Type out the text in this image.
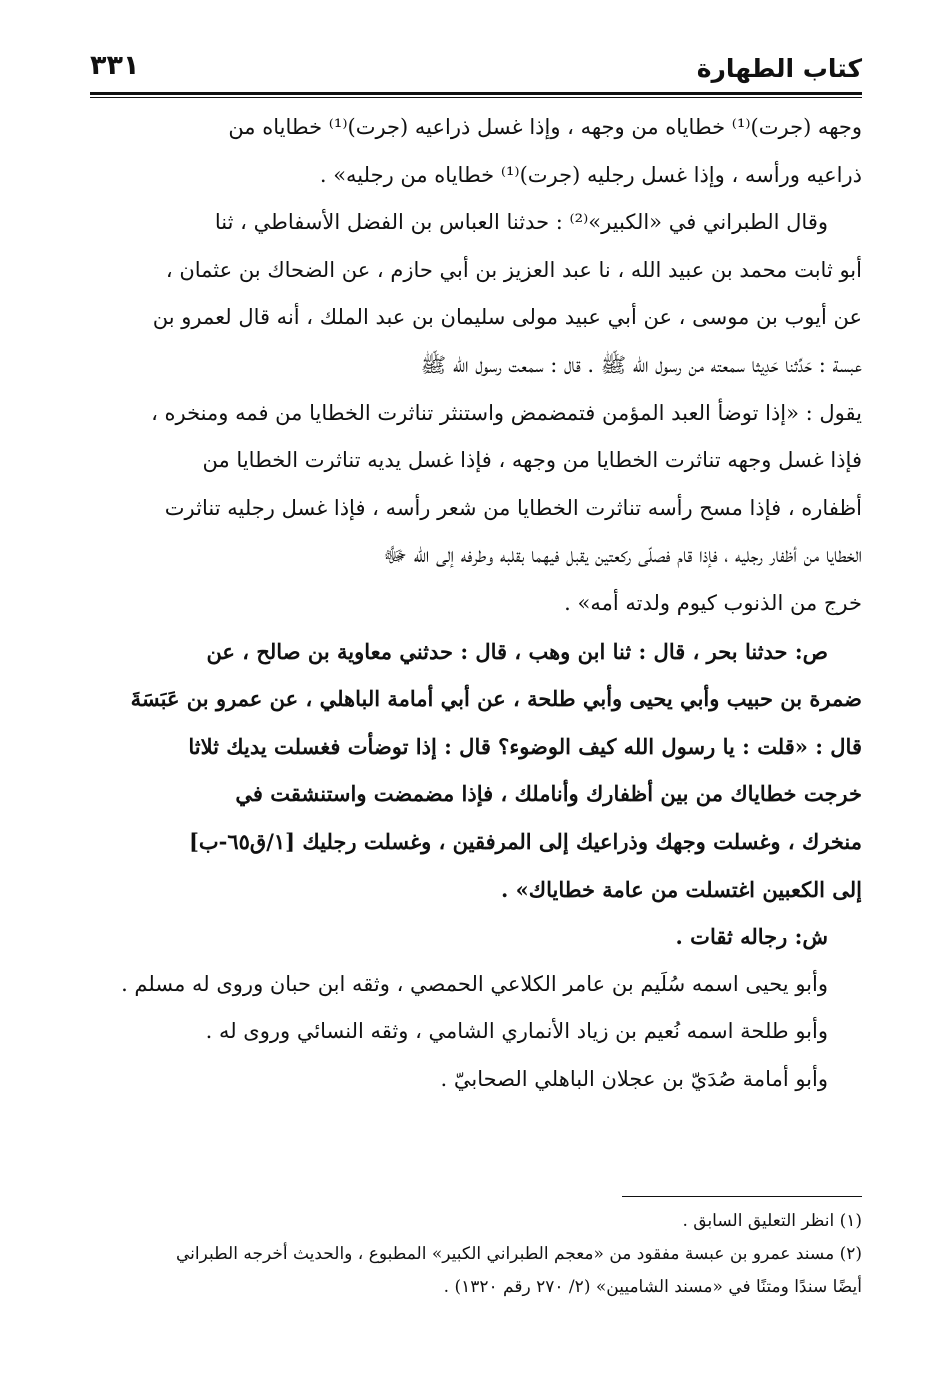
كتاب الطهارة
٣٣١

وجهه (جرت)⁽¹⁾ خطاياه من وجهه ، وإذا غسل ذراعيه (جرت)⁽¹⁾ خطاياه من
ذراعيه ورأسه ، وإذا غسل رجليه (جرت)⁽¹⁾ خطاياه من رجليه» .

وقال الطبراني في «الكبير»⁽²⁾ : حدثنا العباس بن الفضل الأسفاطي ، ثنا
أبو ثابت محمد بن عبيد الله ، نا عبد العزيز بن أبي حازم ، عن الضحاك بن عثمان ،
عن أيوب بن موسى ، عن أبي عبيد مولى سليمان بن عبد الملك ، أنه قال لعمرو بن
عبسة : حَدِّثنا حَدِيثا سمعته من رسول الله ﷺ . قال : سمعت رسول الله ﷺ
يقول : «إذا توضأ العبد المؤمن فتمضمض واستنثر تناثرت الخطايا من فمه ومنخره ،
فإذا غسل وجهه تناثرت الخطايا من وجهه ، فإذا غسل يديه تناثرت الخطايا من
أظفاره ، فإذا مسح رأسه تناثرت الخطايا من شعر رأسه ، فإذا غسل رجليه تناثرت
الخطايا من أظفار رجليه ، فإذا قام فصلّى ركعتين يقبل فيهما بقلبه وطرفه إلى الله ﷻ
خرج من الذنوب كيوم ولدته أمه» .

ص: حدثنا بحر ، قال : ثنا ابن وهب ، قال : حدثني معاوية بن صالح ، عن
ضمرة بن حبيب وأبي يحيى وأبي طلحة ، عن أبي أمامة الباهلي ، عن عمرو بن عَبَسَةَ
قال : «قلت : يا رسول الله كيف الوضوء؟ قال : إذا توضأت فغسلت يديك ثلاثا
خرجت خطاياك من بين أظفارك وأناملك ، فإذا مضمضت واستنشقت في
منخرك ، وغسلت وجهك وذراعيك إلى المرفقين ، وغسلت رجليك [١/ق٦٥-ب]
إلى الكعبين اغتسلت من عامة خطاياك» .

ش: رجاله ثقات .

وأبو يحيى اسمه سُلَيم بن عامر الكلاعي الحمصي ، وثقه ابن حبان وروى له مسلم .

وأبو طلحة اسمه نُعيم بن زياد الأنماري الشامي ، وثقه النسائي وروى له .

وأبو أمامة صُدَيّ بن عجلان الباهلي الصحابيّ .

(١) انظر التعليق السابق .

(٢) مسند عمرو بن عبسة مفقود من «معجم الطبراني الكبير» المطبوع ، والحديث أخرجه الطبراني
أيضًا سندًا ومتنًا في «مسند الشاميين» (٢/ ٢٧٠ رقم ١٣٢٠) .
